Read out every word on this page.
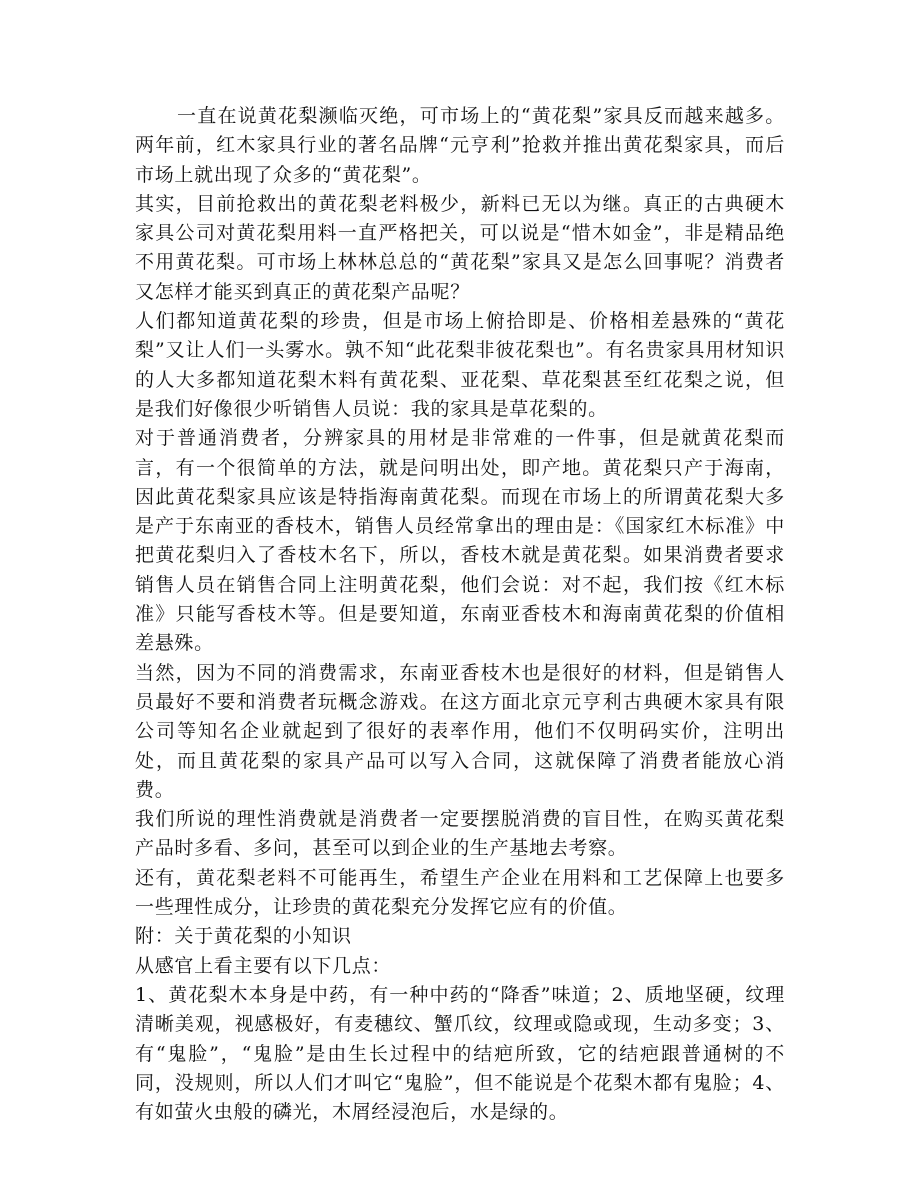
一直在说黄花梨濒临灭绝，可市场上的“黄花梨”家具反而越来越多。两年前，红木家具行业的著名品牌“元亨利”抢救并推出黄花梨家具，而后市场上就出现了众多的“黄花梨”。

其实，目前抢救出的黄花梨老料极少，新料已无以为继。真正的古典硬木家具公司对黄花梨用料一直严格把关，可以说是“惜木如金”，非是精品绝不用黄花梨。可市场上林林总总的“黄花梨”家具又是怎么回事呢？消费者又怎样才能买到真正的黄花梨产品呢？

人们都知道黄花梨的珍贵，但是市场上俯拾即是、价格相差悬殊的“黄花梨”又让人们一头雾水。孰不知“此花梨非彼花梨也”。有名贵家具用材知识的人大多都知道花梨木料有黄花梨、亚花梨、草花梨甚至红花梨之说，但是我们好像很少听销售人员说：我的家具是草花梨的。

对于普通消费者，分辨家具的用材是非常难的一件事，但是就黄花梨而言，有一个很简单的方法，就是问明出处，即产地。黄花梨只产于海南，因此黄花梨家具应该是特指海南黄花梨。而现在市场上的所谓黄花梨大多是产于东南亚的香枝木，销售人员经常拿出的理由是：《国家红木标准》中把黄花梨归入了香枝木名下，所以，香枝木就是黄花梨。如果消费者要求销售人员在销售合同上注明黄花梨，他们会说：对不起，我们按《红木标准》只能写香枝木等。但是要知道，东南亚香枝木和海南黄花梨的价值相差悬殊。

当然，因为不同的消费需求，东南亚香枝木也是很好的材料，但是销售人员最好不要和消费者玩概念游戏。在这方面北京元亨利古典硬木家具有限公司等知名企业就起到了很好的表率作用，他们不仅明码实价，注明出处，而且黄花梨的家具产品可以写入合同，这就保障了消费者能放心消费。

我们所说的理性消费就是消费者一定要摆脱消费的盲目性，在购买黄花梨产品时多看、多问，甚至可以到企业的生产基地去考察。

还有，黄花梨老料不可能再生，希望生产企业在用料和工艺保障上也要多一些理性成分，让珍贵的黄花梨充分发挥它应有的价值。

附：关于黄花梨的小知识

从感官上看主要有以下几点：

1、黄花梨木本身是中药，有一种中药的“降香”味道；2、质地坚硬，纹理清晰美观，视感极好，有麦穗纹、蟹爪纹，纹理或隐或现，生动多变；3、有“鬼脸”，“鬼脸”是由生长过程中的结疤所致，它的结疤跟普通树的不同，没规则，所以人们才叫它“鬼脸”，但不能说是个花梨木都有鬼脸；4、有如萤火虫般的磷光，木屑经浸泡后，水是绿的。
